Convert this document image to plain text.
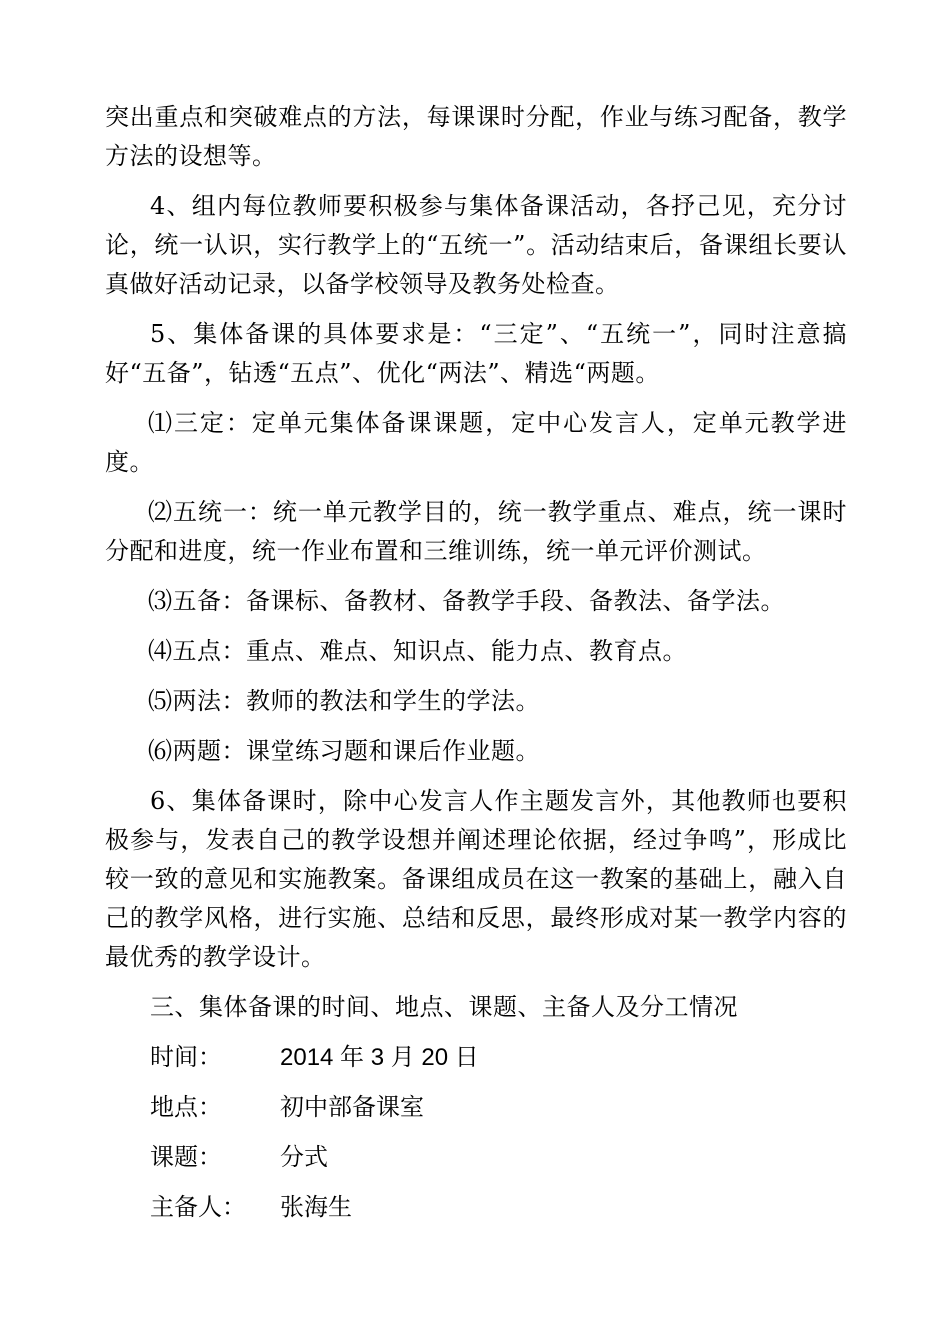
突出重点和突破难点的方法，每课课时分配，作业与练习配备，教学方法的设想等。

4、组内每位教师要积极参与集体备课活动，各抒己见，充分讨论，统一认识，实行教学上的“五统一”。活动结束后，备课组长要认真做好活动记录，以备学校领导及教务处检查。

5、集体备课的具体要求是：“三定”、“五统一”，同时注意搞好“五备”，钻透“五点”、优化“两法”、精选“两题。

⑴三定：定单元集体备课课题，定中心发言人，定单元教学进度。

⑵五统一：统一单元教学目的，统一教学重点、难点，统一课时分配和进度，统一作业布置和三维训练，统一单元评价测试。

⑶五备：备课标、备教材、备教学手段、备教法、备学法。

⑷五点：重点、难点、知识点、能力点、教育点。

⑸两法：教师的教法和学生的学法。

⑹两题：课堂练习题和课后作业题。

6、集体备课时，除中心发言人作主题发言外，其他教师也要积极参与，发表自己的教学设想并阐述理论依据，经过争鸣”，形成比较一致的意见和实施教案。备课组成员在这一教案的基础上，融入自己的教学风格，进行实施、总结和反思，最终形成对某一教学内容的最优秀的教学设计。

三、集体备课的时间、地点、课题、主备人及分工情况

时间：	2014 年 3 月 20 日
地点：	初中部备课室
课题：	分式
主备人：	张海生
